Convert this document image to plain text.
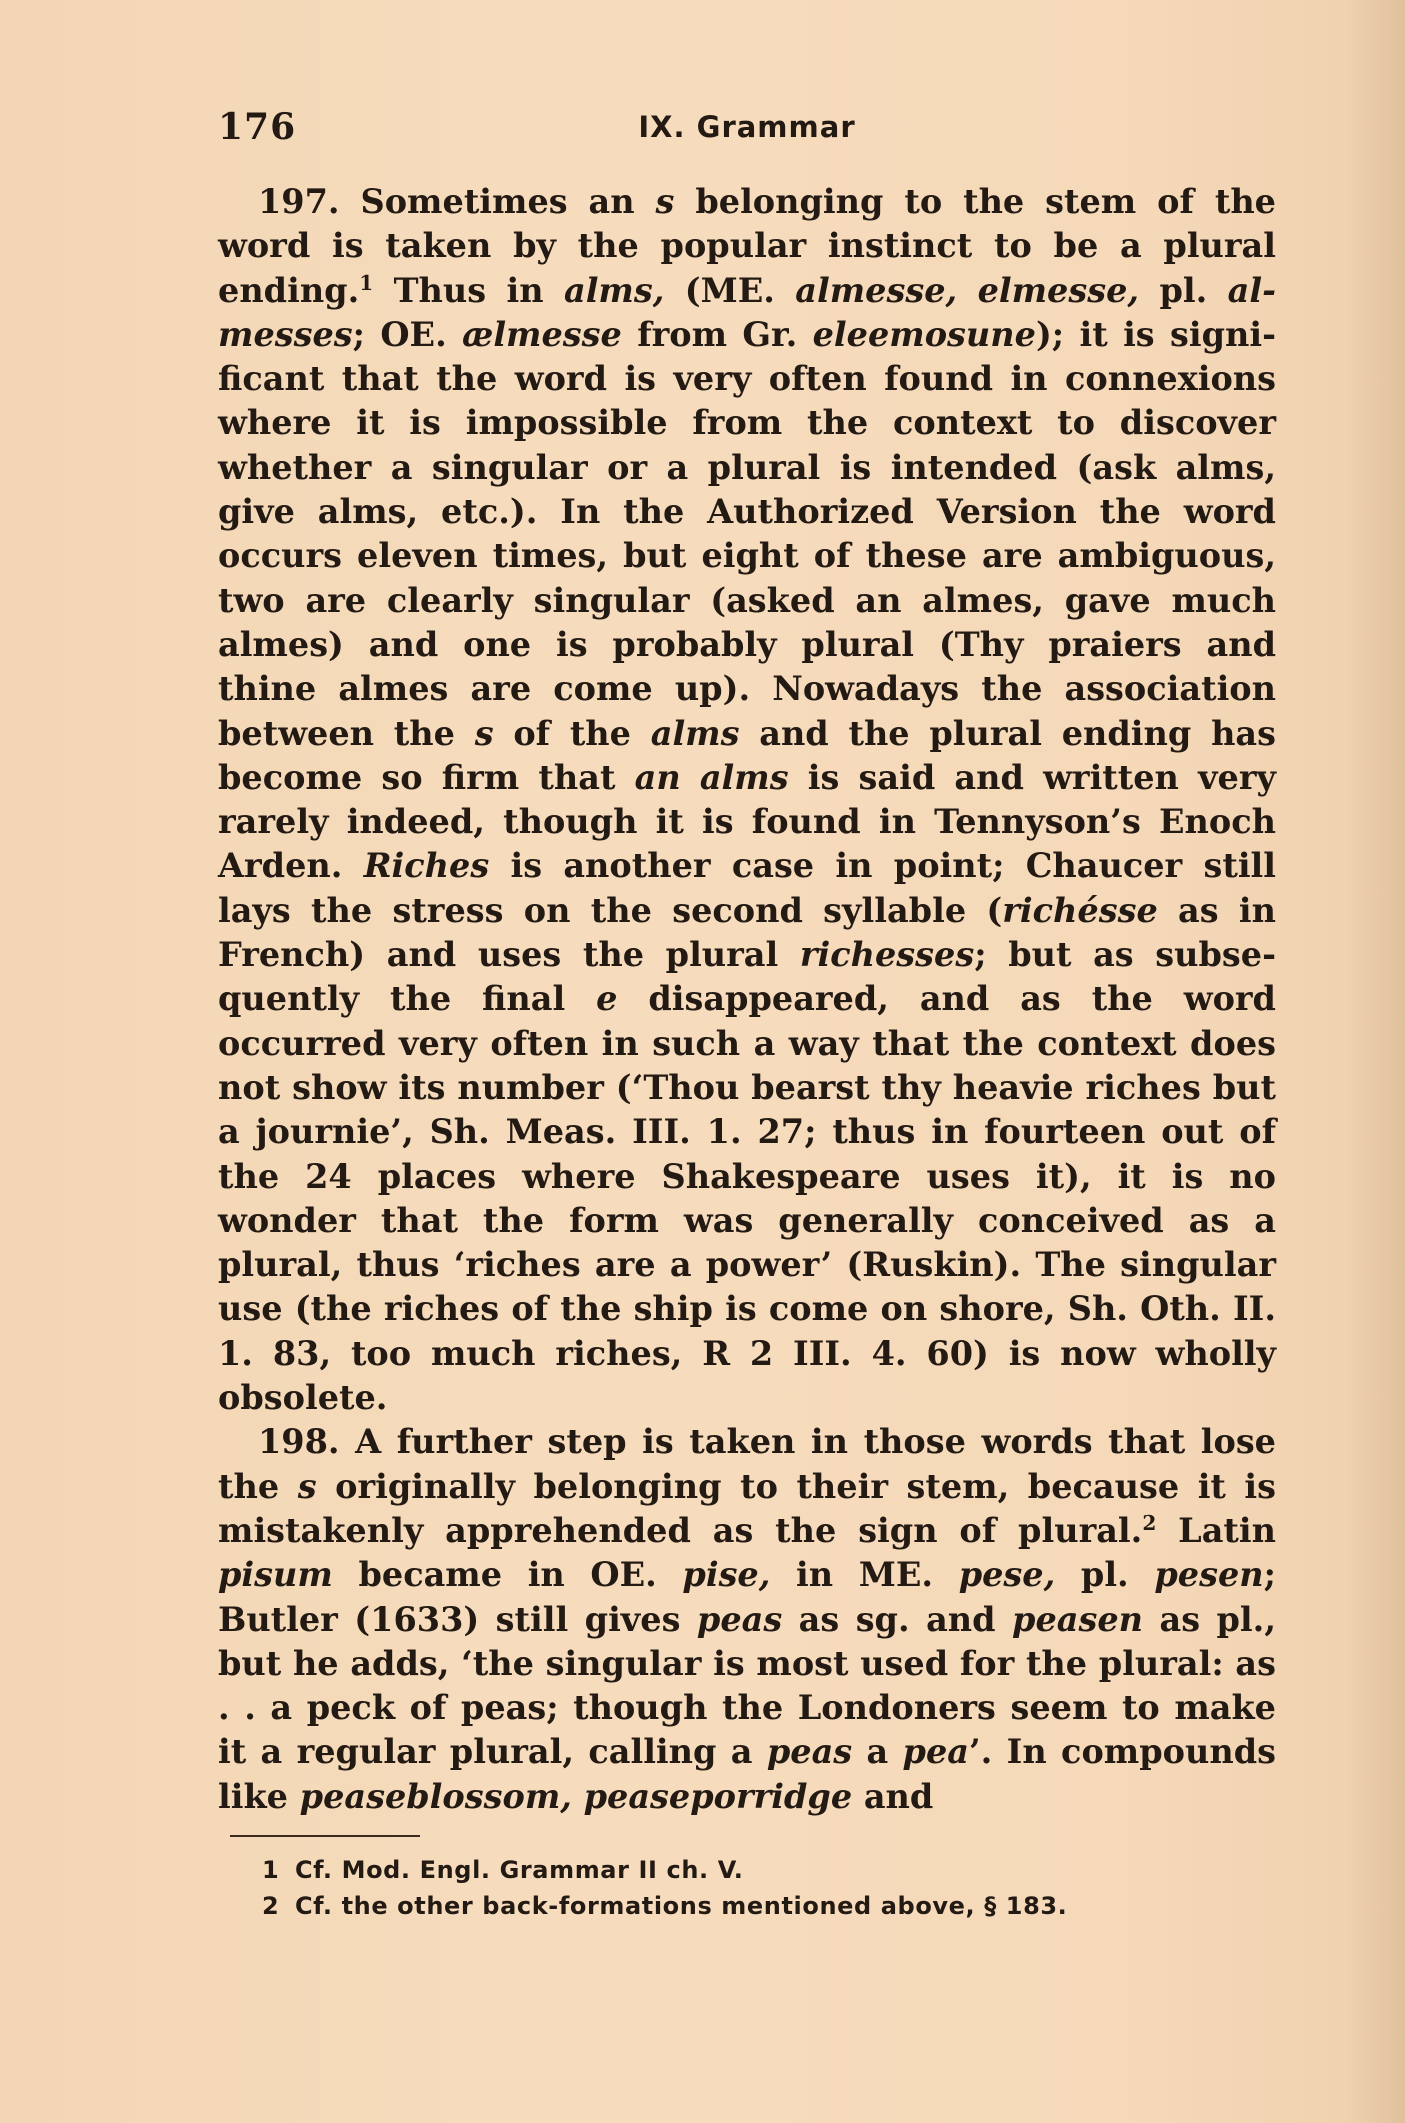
176	IX. Grammar

197. Sometimes an s belonging to the stem of the word is taken by the popular instinct to be a plural ending.$^1$ Thus in alms, (ME. almesse, elmesse, pl. almesses; OE. ælmesse from Gr. eleemosune); it is significant that the word is very often found in connexions where it is impossible from the context to discover whether a singular or a plural is intended (ask alms, give alms, etc.). In the Authorized Version the word occurs eleven times, but eight of these are ambiguous, two are clearly singular (asked an almes, gave much almes) and one is probably plural (Thy praiers and thine almes are come up). Nowadays the association between the s of the alms and the plural ending has become so firm that an alms is said and written very rarely indeed, though it is found in Tennyson’s Enoch Arden. Riches is another case in point; Chaucer still lays the stress on the second syllable (richésse as in French) and uses the plural richesses; but as subsequently the final e disappeared, and as the word occurred very often in such a way that the context does not show its number (‘Thou bearst thy heavie riches but a journie’, Sh. Meas. III. 1. 27; thus in fourteen out of the 24 places where Shakespeare uses it), it is no wonder that the form was generally conceived as a plural, thus ‘riches are a power’ (Ruskin). The singular use (the riches of the ship is come on shore, Sh. Oth. II. 1. 83, too much riches, R 2 III. 4. 60) is now wholly obsolete.

198. A further step is taken in those words that lose the s originally belonging to their stem, because it is mistakenly apprehended as the sign of plural.$^2$ Latin pisum became in OE. pise, in ME. pese, pl. pesen; Butler (1633) still gives peas as sg. and peasen as pl., but he adds, ‘the singular is most used for the plural: as . . a peck of peas; though the Londoners seem to make it a regular plural, calling a peas a pea’. In compounds like peaseblossom, peaseporridge and

1 Cf. Mod. Engl. Grammar II ch. V.

2 Cf. the other back-formations mentioned above, § 183.
